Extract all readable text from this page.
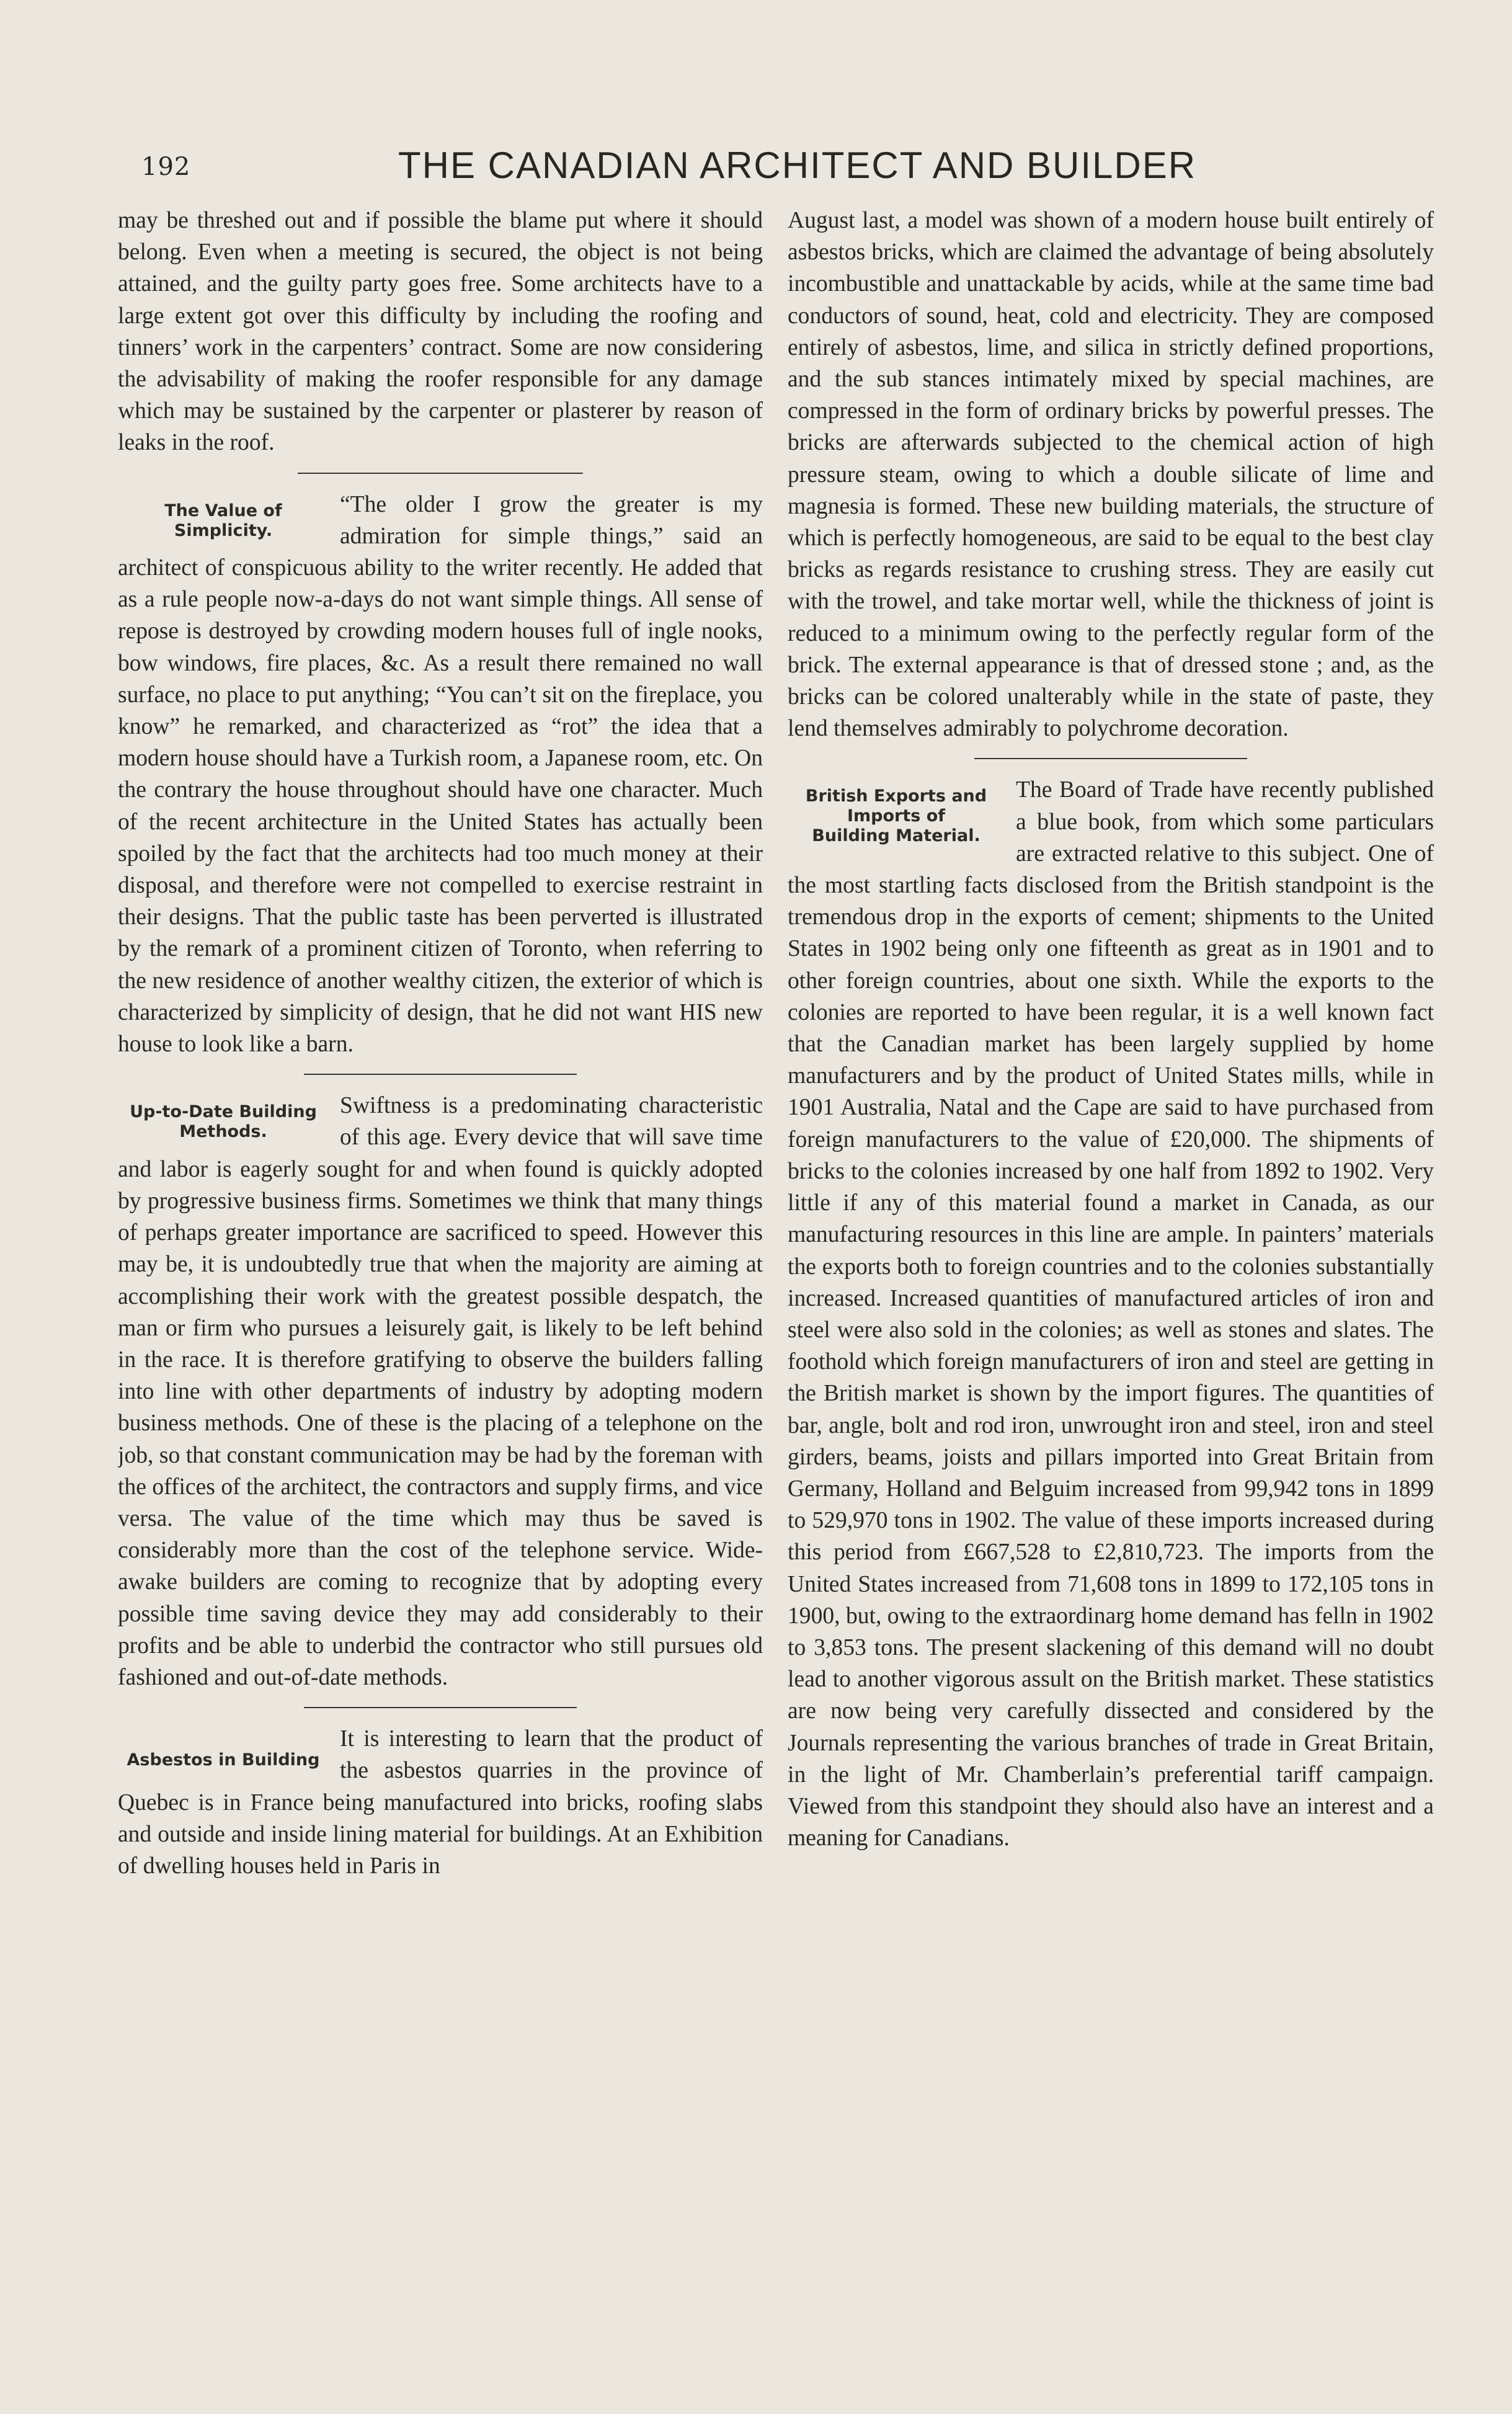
192	THE CANADIAN ARCHITECT AND BUILDER

may be threshed out and if possible the blame put where it should belong. Even when a meeting is secured, the object is not being attained, and the guilty party goes free. Some architects have to a large extent got over this difficulty by including the roofing and tinners’ work in the carpenters’ contract. Some are now considering the advisability of making the roofer responsible for any damage which may be sustained by the carpenter or plasterer by reason of leaks in the roof.

The Value of
Simplicity.

“The older I grow the greater is my admiration for simple things,” said an architect of conspicuous ability to the writer recently. He added that as a rule people now-a-days do not want simple things. All sense of repose is destroyed by crowding modern houses full of ingle nooks, bow windows, fire places, &c. As a result there remained no wall surface, no place to put anything; “You can’t sit on the fireplace, you know” he remarked, and characterized as “rot” the idea that a modern house should have a Turkish room, a Japanese room, etc. On the contrary the house throughout should have one character. Much of the recent architecture in the United States has actually been spoiled by the fact that the architects had too much money at their disposal, and therefore were not compelled to exercise restraint in their designs. That the public taste has been perverted is illustrated by the remark of a prominent citizen of Toronto, when referring to the new residence of another wealthy citizen, the exterior of which is characterized by simplicity of design, that he did not want HIS new house to look like a barn.

Up-to-Date Building
Methods.

Swiftness is a predominating characteristic of this age. Every device that will save time and labor is eagerly sought for and when found is quickly adopted by progressive business firms. Sometimes we think that many things of perhaps greater importance are sacrificed to speed. However this may be, it is undoubtedly true that when the majority are aiming at accomplishing their work with the greatest possible despatch, the man or firm who pursues a leisurely gait, is likely to be left behind in the race. It is therefore gratifying to observe the builders falling into line with other departments of industry by adopting modern business methods. One of these is the placing of a telephone on the job, so that constant communication may be had by the foreman with the offices of the architect, the contractors and supply firms, and vice versa. The value of the time which may thus be saved is considerably more than the cost of the telephone service. Wide-awake builders are coming to recognize that by adopting every possible time saving device they may add considerably to their profits and be able to underbid the contractor who still pursues old fashioned and out-of-date methods.

Asbestos in Building

It is interesting to learn that the product of the asbestos quarries in the province of Quebec is in France being manufactured into bricks, roofing slabs and outside and inside lining material for buildings. At an Exhibition of dwelling houses held in Paris in

August last, a model was shown of a modern house built entirely of asbestos bricks, which are claimed the advantage of being absolutely incombustible and unattackable by acids, while at the same time bad conductors of sound, heat, cold and electricity. They are composed entirely of asbestos, lime, and silica in strictly defined proportions, and the sub stances intimately mixed by special machines, are compressed in the form of ordinary bricks by powerful presses. The bricks are afterwards subjected to the chemical action of high pressure steam, owing to which a double silicate of lime and magnesia is formed. These new building materials, the structure of which is perfectly homogeneous, are said to be equal to the best clay bricks as regards resistance to crushing stress. They are easily cut with the trowel, and take mortar well, while the thickness of joint is reduced to a minimum owing to the perfectly regular form of the brick. The external appearance is that of dressed stone ; and, as the bricks can be colored unalterably while in the state of paste, they lend themselves admirably to polychrome decoration.

British Exports and
Imports of
Building Material.

The Board of Trade have recently published a blue book, from which some particulars are extracted relative to this subject. One of the most startling facts disclosed from the British standpoint is the tremendous drop in the exports of cement; shipments to the United States in 1902 being only one fifteenth as great as in 1901 and to other foreign countries, about one sixth. While the exports to the colonies are reported to have been regular, it is a well known fact that the Canadian market has been largely supplied by home manufacturers and by the product of United States mills, while in 1901 Australia, Natal and the Cape are said to have purchased from foreign manufacturers to the value of £20,000. The shipments of bricks to the colonies increased by one half from 1892 to 1902. Very little if any of this material found a market in Canada, as our manufacturing resources in this line are ample. In painters’ materials the exports both to foreign countries and to the colonies substantially increased. Increased quantities of manufactured articles of iron and steel were also sold in the colonies; as well as stones and slates. The foothold which foreign manufacturers of iron and steel are getting in the British market is shown by the import figures. The quantities of bar, angle, bolt and rod iron, unwrought iron and steel, iron and steel girders, beams, joists and pillars imported into Great Britain from Germany, Holland and Belguim increased from 99,942 tons in 1899 to 529,970 tons in 1902. The value of these imports increased during this period from £667,528 to £2,810,723. The imports from the United States increased from 71,608 tons in 1899 to 172,105 tons in 1900, but, owing to the extraordinarg home demand has felln in 1902 to 3,853 tons. The present slackening of this demand will no doubt lead to another vigorous assult on the British market. These statistics are now being very carefully dissected and considered by the Journals representing the various branches of trade in Great Britain, in the light of Mr. Chamberlain’s preferential tariff campaign. Viewed from this standpoint they should also have an interest and a meaning for Canadians.
